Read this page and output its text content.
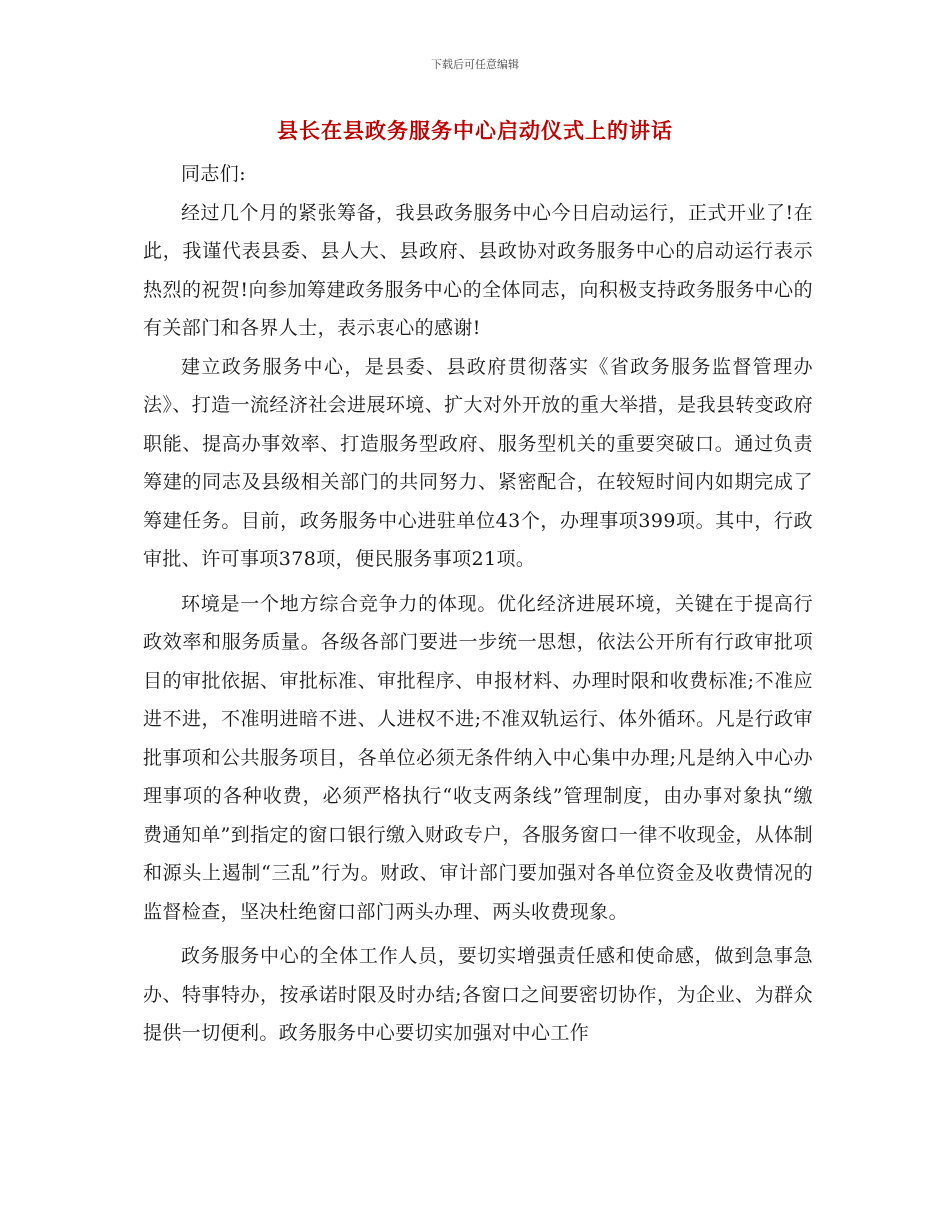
下载后可任意编辑
县长在县政务服务中心启动仪式上的讲话

同志们:

经过几个月的紧张筹备，我县政务服务中心今日启动运行，正式开业了!在此，我谨代表县委、县人大、县政府、县政协对政务服务中心的启动运行表示热烈的祝贺!向参加筹建政务服务中心的全体同志，向积极支持政务服务中心的有关部门和各界人士，表示衷心的感谢!

建立政务服务中心，是县委、县政府贯彻落实《省政务服务监督管理办法》、打造一流经济社会进展环境、扩大对外开放的重大举措，是我县转变政府职能、提高办事效率、打造服务型政府、服务型机关的重要突破口。通过负责筹建的同志及县级相关部门的共同努力、紧密配合，在较短时间内如期完成了筹建任务。目前，政务服务中心进驻单位43个，办理事项399项。其中，行政审批、许可事项378项，便民服务事项21项。

环境是一个地方综合竞争力的体现。优化经济进展环境，关键在于提高行政效率和服务质量。各级各部门要进一步统一思想，依法公开所有行政审批项目的审批依据、审批标准、审批程序、申报材料、办理时限和收费标准;不准应进不进，不准明进暗不进、人进权不进;不准双轨运行、体外循环。凡是行政审批事项和公共服务项目，各单位必须无条件纳入中心集中办理;凡是纳入中心办理事项的各种收费，必须严格执行“收支两条线”管理制度，由办事对象执“缴费通知单”到指定的窗口银行缴入财政专户，各服务窗口一律不收现金，从体制和源头上遏制“三乱”行为。财政、审计部门要加强对各单位资金及收费情况的监督检查，坚决杜绝窗口部门两头办理、两头收费现象。

政务服务中心的全体工作人员，要切实增强责任感和使命感，做到急事急办、特事特办，按承诺时限及时办结;各窗口之间要密切协作，为企业、为群众提供一切便利。政务服务中心要切实加强对中心工作
